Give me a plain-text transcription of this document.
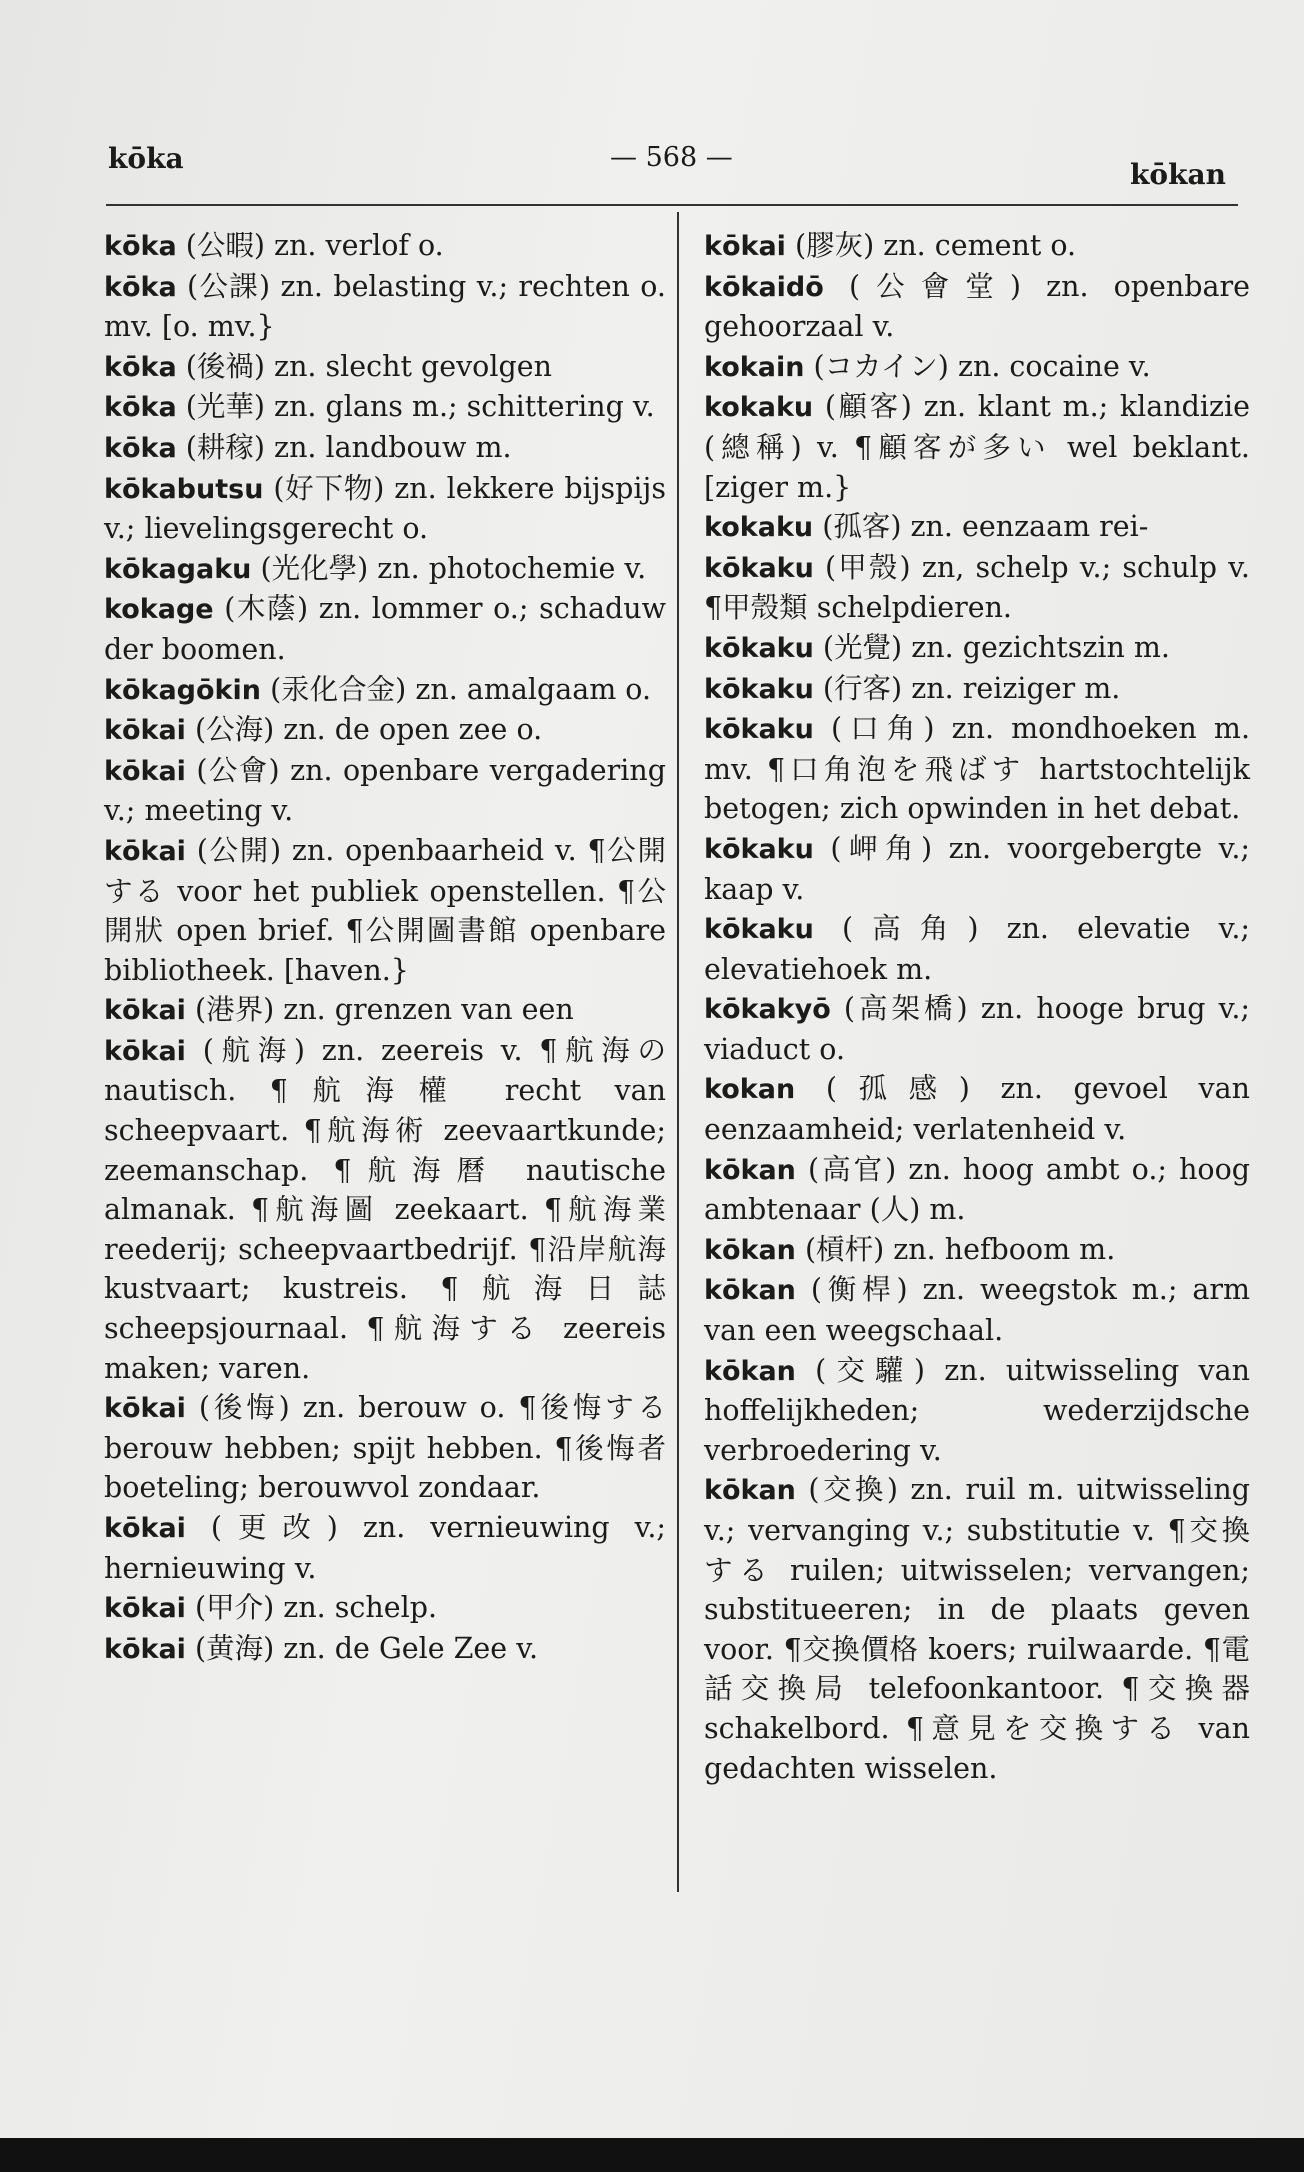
kōka	— 568 —
kōkan

kōka (公暇) zn. verlof o.

kōka (公課) zn. belasting v.; rechten o. mv. [o. mv.}

kōka (後禍) zn. slecht gevolgen

kōka (光華) zn. glans m.; schittering v.

kōka (耕稼) zn. landbouw m.

kōkabutsu (好下物) zn. lekkere bijspijs v.; lievelingsgerecht o.

kōkagaku (光化學) zn. photochemie v.

kokage (木蔭) zn. lommer o.; schaduw der boomen.

kōkagōkin (汞化合金) zn. amalgaam o.

kōkai (公海) zn. de open zee o.

kōkai (公會) zn. openbare vergadering v.; meeting v.

kōkai (公開) zn. openbaarheid v. ¶公開する voor het publiek openstellen. ¶公開狀 open brief. ¶公開圖書館 openbare bibliotheek. [haven.}

kōkai (港界) zn. grenzen van een

kōkai (航海) zn. zeereis v. ¶航海の nautisch. ¶航海權 recht van scheepvaart. ¶航海術 zeevaartkunde; zeemanschap. ¶航海曆 nautische almanak. ¶航海圖 zeekaart. ¶航海業 reederij; scheepvaartbedrijf. ¶沿岸航海 kustvaart; kustreis. ¶航海日誌 scheepsjournaal. ¶航海する zeereis maken; varen.

kōkai (後悔) zn. berouw o. ¶後悔する berouw hebben; spijt hebben. ¶後悔者 boeteling; berouwvol zondaar.

kōkai (更改) zn. vernieuwing v.; hernieuwing v.

kōkai (甲介) zn. schelp.

kōkai (黄海) zn. de Gele Zee v.

kōkai (膠灰) zn. cement o.

kōkaidō (公會堂) zn. openbare gehoorzaal v.

kokain (コカイン) zn. cocaine v.

kokaku (顧客) zn. klant m.; klandizie (總稱) v. ¶顧客が多い wel beklant. [ziger m.}

kokaku (孤客) zn. eenzaam rei-

kōkaku (甲殼) zn, schelp v.; schulp v. ¶甲殼類 schelpdieren.

kōkaku (光覺) zn. gezichtszin m.

kōkaku (行客) zn. reiziger m.

kōkaku (口角) zn. mondhoeken m. mv. ¶口角泡を飛ばす hartstochtelijk betogen; zich opwinden in het debat.

kōkaku (岬角) zn. voorgebergte v.; kaap v.

kōkaku (高角) zn. elevatie v.; elevatiehoek m.

kōkakyō (高架橋) zn. hooge brug v.; viaduct o.

kokan (孤感) zn. gevoel van eenzaamheid; verlatenheid v.

kōkan (高官) zn. hoog ambt o.; hoog ambtenaar (人) m.

kōkan (槓杆) zn. hefboom m.

kōkan (衡桿) zn. weegstok m.; arm van een weegschaal.

kōkan (交驩) zn. uitwisseling van hoffelijkheden; wederzijdsche verbroedering v.

kōkan (交換) zn. ruil m. uitwisseling v.; vervanging v.; substitutie v. ¶交換する ruilen; uitwisselen; vervangen; substitueeren; in de plaats geven voor. ¶交換價格 koers; ruilwaarde. ¶電話交換局 telefoonkantoor. ¶交換器 schakelbord. ¶意見を交換する van gedachten wisselen.
